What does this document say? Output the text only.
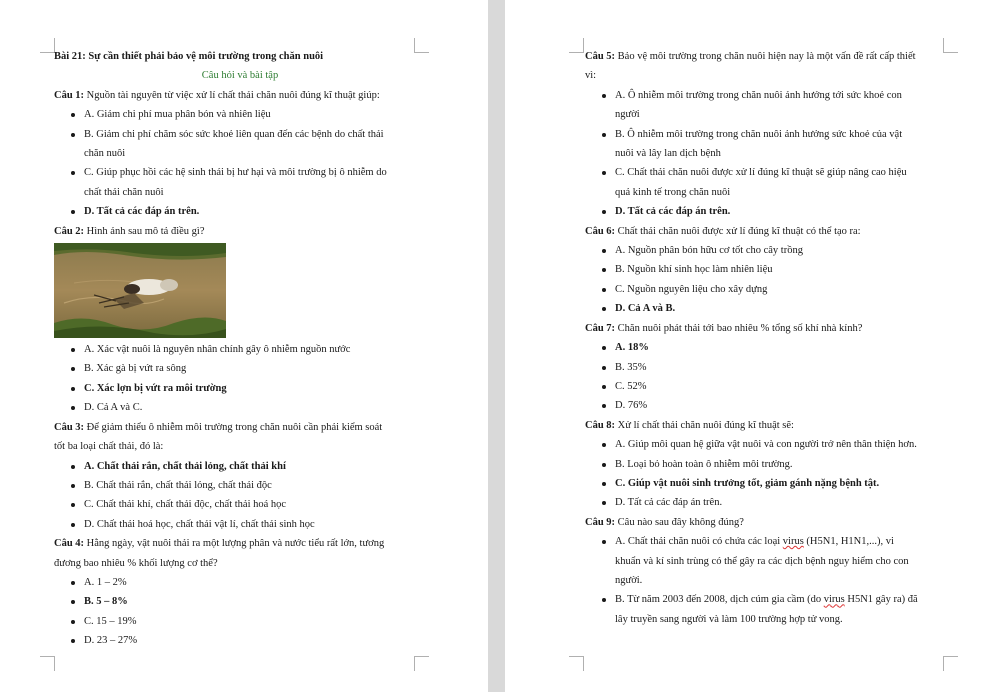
Bài 21: Sự cần thiết phải bảo vệ môi trường trong chăn nuôi
Câu hỏi và bài tập

Câu 1: Nguồn tài nguyên từ việc xử lí chất thải chăn nuôi đúng kĩ thuật giúp:

A. Giảm chi phí mua phân bón và nhiên liệu
B. Giảm chi phí chăm sóc sức khoẻ liên quan đến các bệnh do chất thải
chăn nuôi
C. Giúp phục hồi các hệ sinh thái bị hư hại và môi trường bị ô nhiễm do
chất thải chăn nuôi
D. Tất cả các đáp án trên.

Câu 2: Hình ảnh sau mô tả điều gì?

A. Xác vật nuôi là nguyên nhân chính gây ô nhiễm nguồn nước
B. Xác gà bị vứt ra sông
C. Xác lợn bị vứt ra môi trường
D. Cả A và C.

Câu 3: Để giảm thiểu ô nhiễm môi trường trong chăn nuôi cần phải kiểm soát
tốt ba loại chất thải, đó là:

A. Chất thải rắn, chất thải lỏng, chất thải khí
B. Chất thải rắn, chất thải lỏng, chất thải độc
C. Chất thải khí, chất thải độc, chất thải hoá học
D. Chất thải hoá học, chất thải vật lí, chất thải sinh học

Câu 4: Hằng ngày, vật nuôi thải ra một lượng phân và nước tiểu rất lớn, tương
đương bao nhiêu % khối lượng cơ thể?

A. 1 – 2%
B. 5 – 8%
C. 15 – 19%
D. 23 – 27%

Câu 5: Bảo vệ môi trường trong chăn nuôi hiện nay là một vấn đề rất cấp thiết
vì:

A. Ô nhiễm môi trường trong chăn nuôi ảnh hưởng tới sức khoẻ con
người
B. Ô nhiễm môi trường trong chăn nuôi ảnh hưởng sức khoẻ của vật
nuôi và lây lan dịch bệnh
C. Chất thải chăn nuôi được xử lí đúng kĩ thuật sẽ giúp nâng cao hiệu
quả kinh tế trong chăn nuôi
D. Tất cả các đáp án trên.

Câu 6: Chất thải chăn nuôi được xử lí đúng kĩ thuật có thể tạo ra:

A. Nguồn phân bón hữu cơ tốt cho cây trồng
B. Nguồn khí sinh học làm nhiên liệu
C. Nguồn nguyên liệu cho xây dựng
D. Cả A và B.

Câu 7: Chăn nuôi phát thải tới bao nhiêu % tổng số khí nhà kính?

A. 18%
B. 35%
C. 52%
D. 76%

Câu 8: Xử lí chất thải chăn nuôi đúng kĩ thuật sẽ:

A. Giúp môi quan hệ giữa vật nuôi và con người trở nên thân thiện hơn.
B. Loại bỏ hoàn toàn ô nhiễm môi trường.
C. Giúp vật nuôi sinh trưởng tốt, giảm gánh nặng bệnh tật.
D. Tất cả các đáp án trên.

Câu 9: Câu nào sau đây không đúng?

A. Chất thải chăn nuôi có chứa các loại virus (H5N1, H1N1,...), vi
khuẩn và kí sinh trùng có thể gây ra các dịch bệnh nguy hiểm cho con
người.
B. Từ năm 2003 đến 2008, dịch cúm gia cầm (do virus H5N1 gây ra) đã
lây truyền sang người và làm 100 trường hợp tử vong.
